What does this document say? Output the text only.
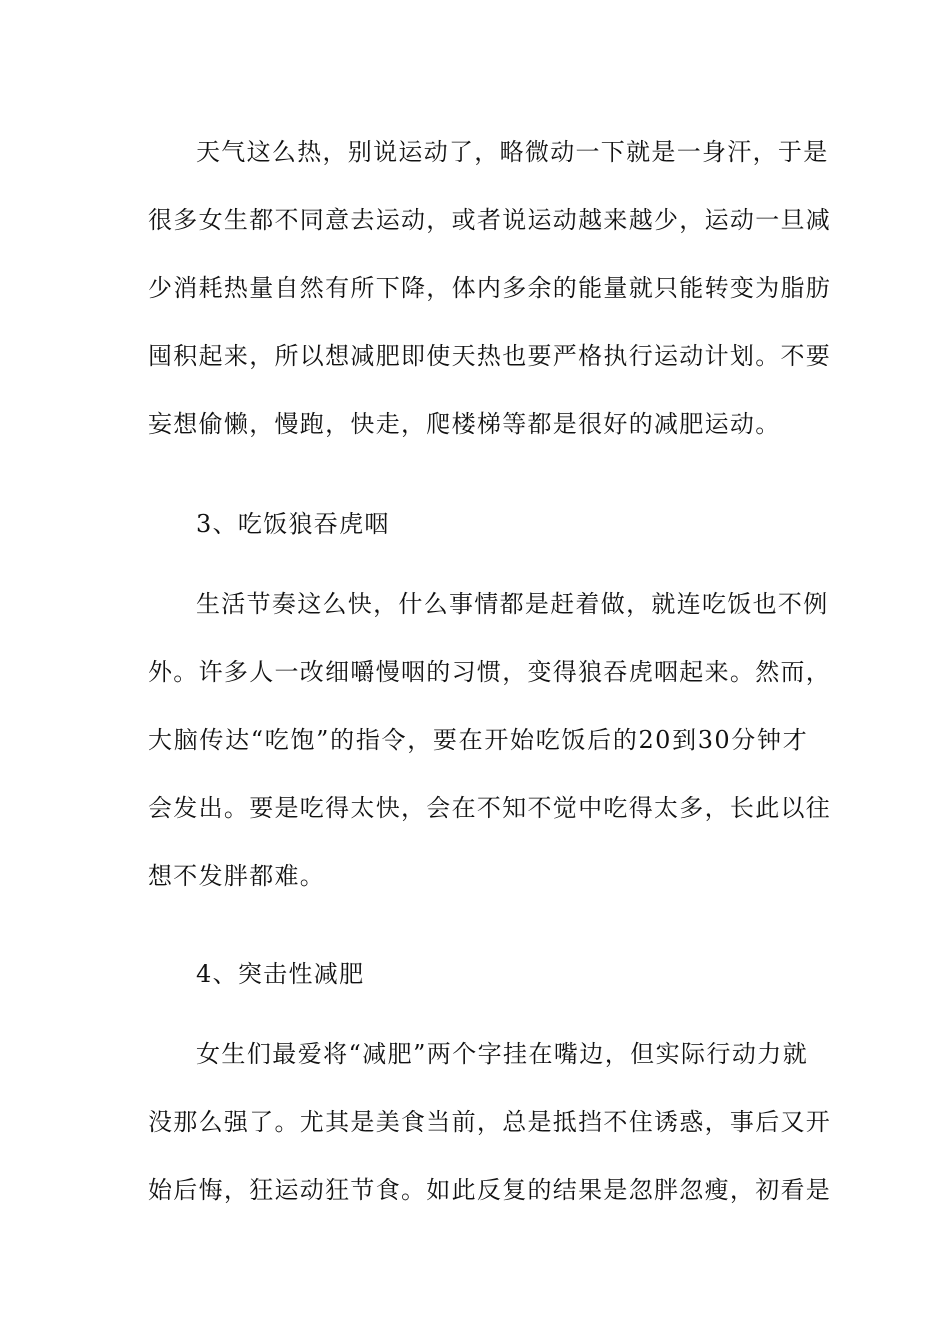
天气这么热，别说运动了，略微动一下就是一身汗，于是
很多女生都不同意去运动，或者说运动越来越少，运动一旦减
少消耗热量自然有所下降，体内多余的能量就只能转变为脂肪
囤积起来，所以想减肥即使天热也要严格执行运动计划。不要
妄想偷懒，慢跑，快走，爬楼梯等都是很好的减肥运动。
3、吃饭狼吞虎咽
生活节奏这么快，什么事情都是赶着做，就连吃饭也不例
外。许多人一改细嚼慢咽的习惯，变得狼吞虎咽起来。然而，
大脑传达“吃饱”的指令，要在开始吃饭后的20到30分钟才
会发出。要是吃得太快，会在不知不觉中吃得太多，长此以往
想不发胖都难。
4、突击性减肥
女生们最爱将“减肥”两个字挂在嘴边，但实际行动力就
没那么强了。尤其是美食当前，总是抵挡不住诱惑，事后又开
始后悔，狂运动狂节食。如此反复的结果是忽胖忽瘦，初看是
